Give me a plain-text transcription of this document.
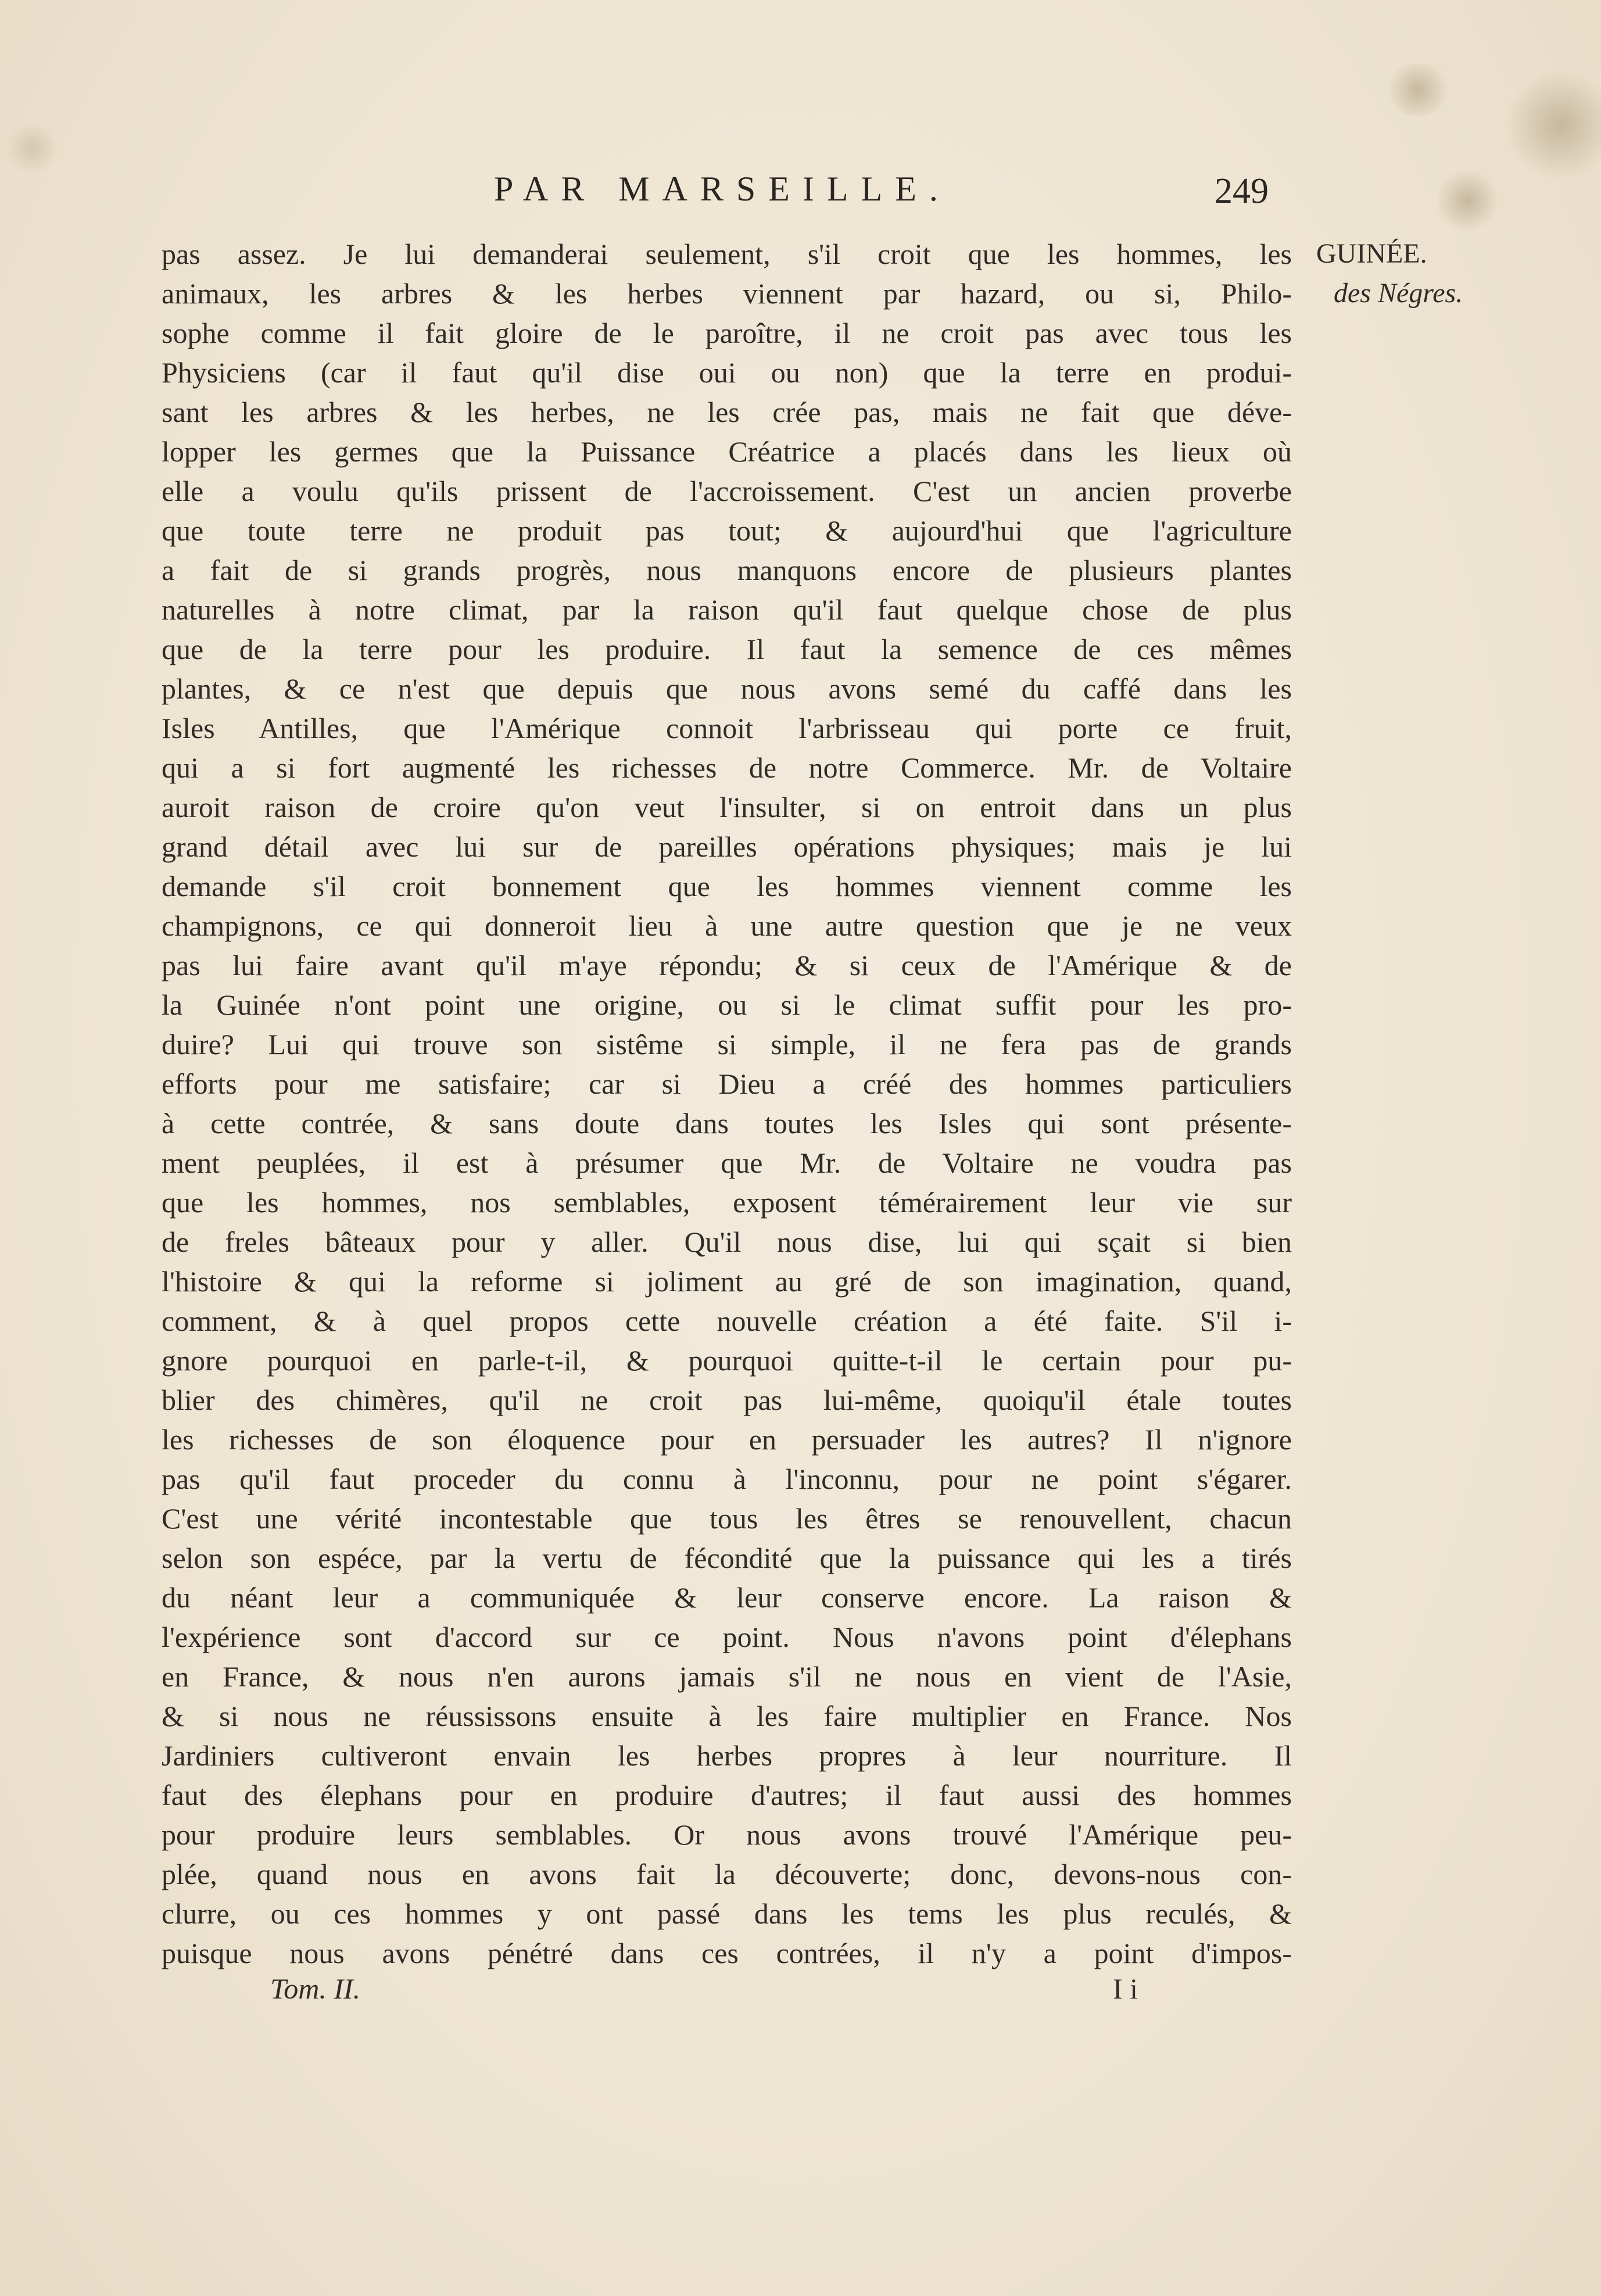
PAR MARSEILLE.	249
GUINÉE.
des Négres.
pas assez. Je lui demanderai seulement, s'il croit que les hommes, les
animaux, les arbres & les herbes viennent par hazard, ou si, Philo-
sophe comme il fait gloire de le paroître, il ne croit pas avec tous les
Physiciens (car il faut qu'il dise oui ou non) que la terre en produi-
sant les arbres & les herbes, ne les crée pas, mais ne fait que déve-
lopper les germes que la Puissance Créatrice a placés dans les lieux où
elle a voulu qu'ils prissent de l'accroissement. C'est un ancien proverbe
que toute terre ne produit pas tout; & aujourd'hui que l'agriculture
a fait de si grands progrès, nous manquons encore de plusieurs plantes
naturelles à notre climat, par la raison qu'il faut quelque chose de plus
que de la terre pour les produire. Il faut la semence de ces mêmes
plantes, & ce n'est que depuis que nous avons semé du caffé dans les
Isles Antilles, que l'Amérique connoit l'arbrisseau qui porte ce fruit,
qui a si fort augmenté les richesses de notre Commerce. Mr. de Voltaire
auroit raison de croire qu'on veut l'insulter, si on entroit dans un plus
grand détail avec lui sur de pareilles opérations physiques; mais je lui
demande s'il croit bonnement que les hommes viennent comme les
champignons, ce qui donneroit lieu à une autre question que je ne veux
pas lui faire avant qu'il m'aye répondu; & si ceux de l'Amérique & de
la Guinée n'ont point une origine, ou si le climat suffit pour les pro-
duire? Lui qui trouve son sistême si simple, il ne fera pas de grands
efforts pour me satisfaire; car si Dieu a créé des hommes particuliers
à cette contrée, & sans doute dans toutes les Isles qui sont présente-
ment peuplées, il est à présumer que Mr. de Voltaire ne voudra pas
que les hommes, nos semblables, exposent témérairement leur vie sur
de freles bâteaux pour y aller. Qu'il nous dise, lui qui sçait si bien
l'histoire & qui la reforme si joliment au gré de son imagination, quand,
comment, & à quel propos cette nouvelle création a été faite. S'il i-
gnore pourquoi en parle-t-il, & pourquoi quitte-t-il le certain pour pu-
blier des chimères, qu'il ne croit pas lui-même, quoiqu'il étale toutes
les richesses de son éloquence pour en persuader les autres? Il n'ignore
pas qu'il faut proceder du connu à l'inconnu, pour ne point s'égarer.
C'est une vérité incontestable que tous les êtres se renouvellent, chacun
selon son espéce, par la vertu de fécondité que la puissance qui les a tirés
du néant leur a communiquée & leur conserve encore. La raison &
l'expérience sont d'accord sur ce point. Nous n'avons point d'élephans
en France, & nous n'en aurons jamais s'il ne nous en vient de l'Asie,
& si nous ne réussissons ensuite à les faire multiplier en France. Nos
Jardiniers cultiveront envain les herbes propres à leur nourriture. Il
faut des élephans pour en produire d'autres; il faut aussi des hommes
pour produire leurs semblables. Or nous avons trouvé l'Amérique peu-
plée, quand nous en avons fait la découverte; donc, devons-nous con-
clurre, ou ces hommes y ont passé dans les tems les plus reculés, &
puisque nous avons pénétré dans ces contrées, il n'y a point d'impos-
Tom. II.	I i
